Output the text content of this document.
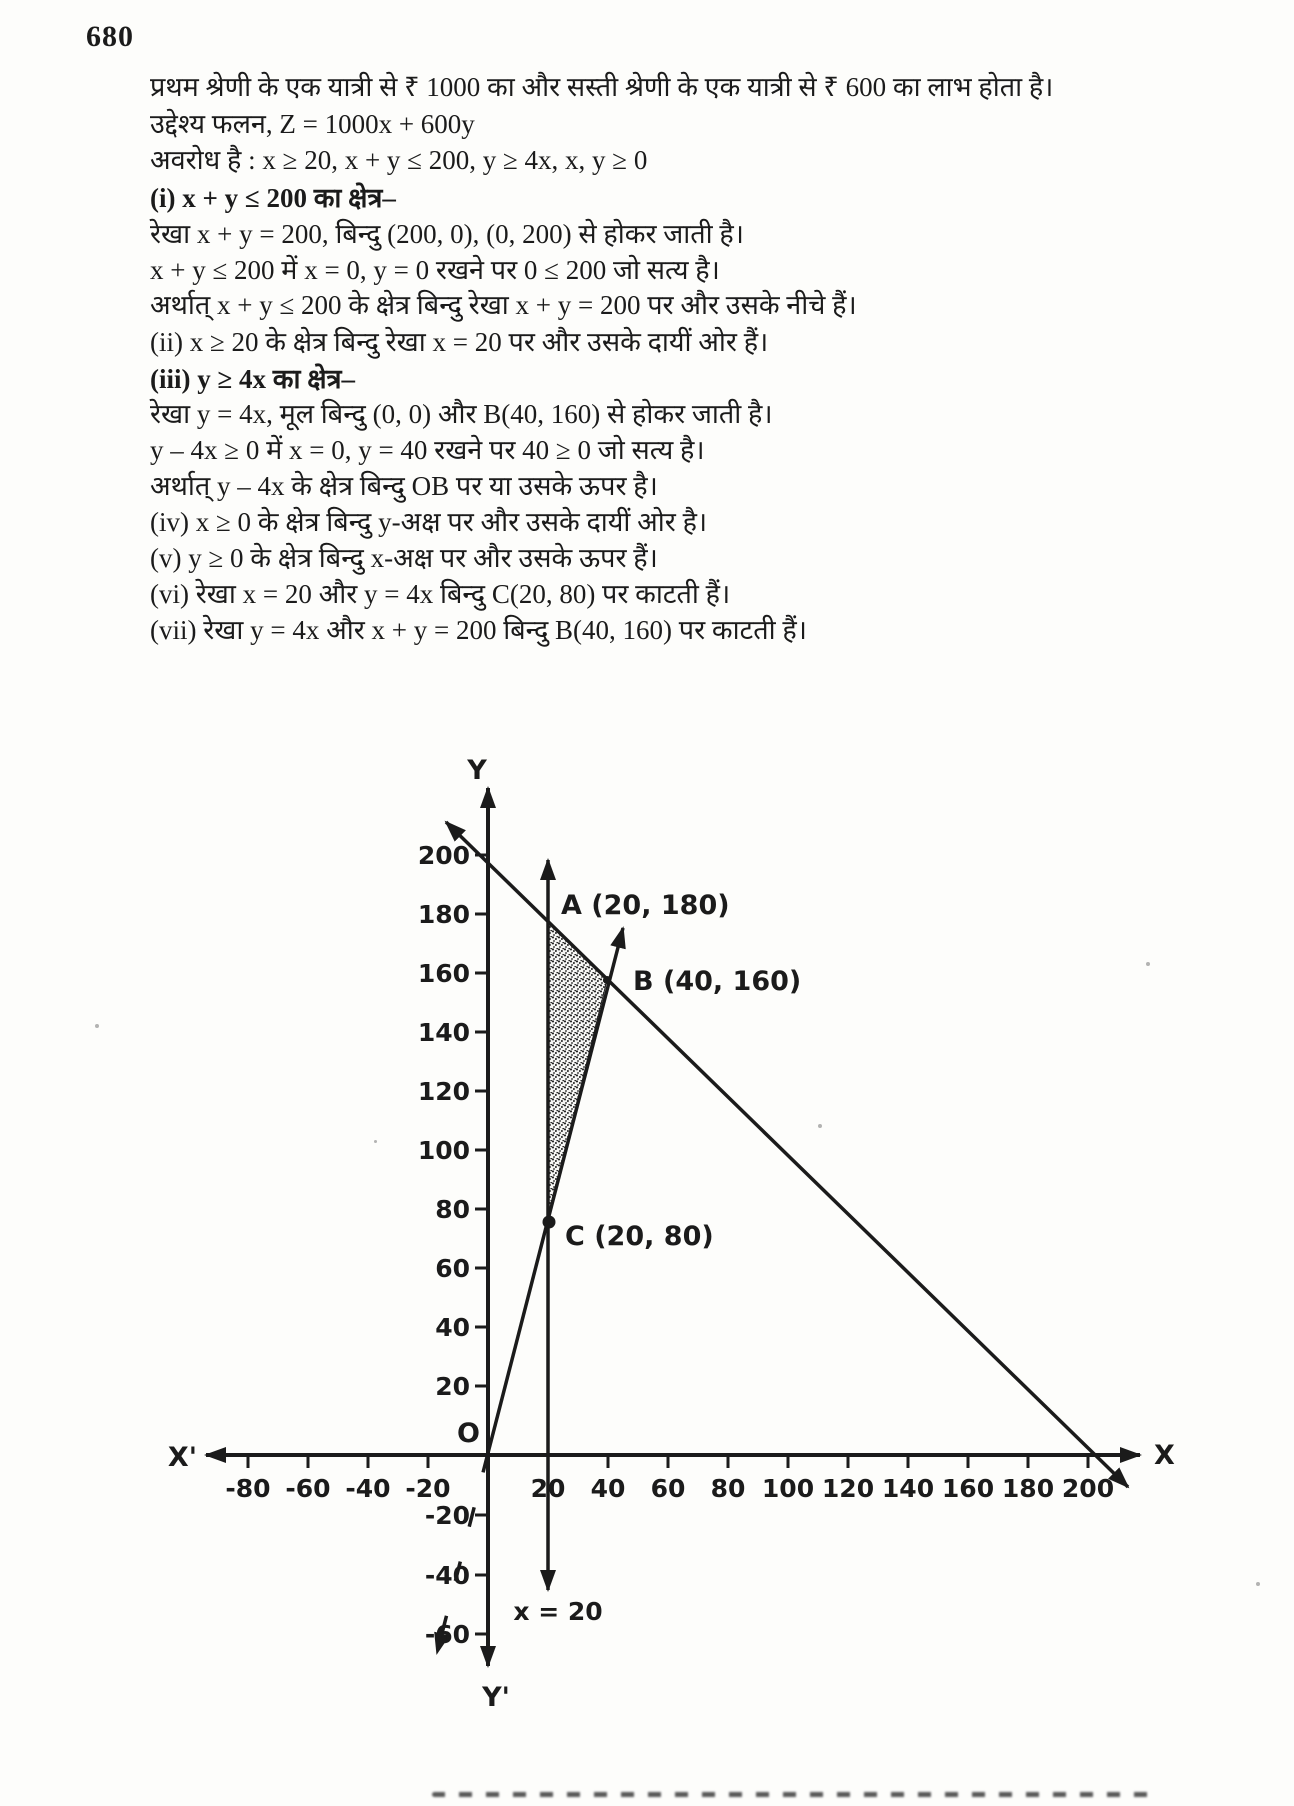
680
प्रथम श्रेणी के एक यात्री से ₹ 1000 का और सस्ती श्रेणी के एक यात्री से ₹ 600 का लाभ होता है।
उद्देश्य फलन, Z = 1000x + 600y
अवरोध है : x ≥ 20, x + y ≤ 200, y ≥ 4x, x, y ≥ 0
(i) x + y ≤ 200 का क्षेत्र–
रेखा x + y = 200, बिन्दु (200, 0), (0, 200) से होकर जाती है।
x + y ≤ 200 में x = 0, y = 0 रखने पर 0 ≤ 200 जो सत्य है।
अर्थात् x + y ≤ 200 के क्षेत्र बिन्दु रेखा x + y = 200 पर और उसके नीचे हैं।
(ii) x ≥ 20 के क्षेत्र बिन्दु रेखा x = 20 पर और उसके दायीं ओर हैं।
(iii) y ≥ 4x का क्षेत्र–
रेखा y = 4x, मूल बिन्दु (0, 0) और B(40, 160) से होकर जाती है।
y – 4x ≥ 0 में x = 0, y = 40 रखने पर 40 ≥ 0 जो सत्य है।
अर्थात् y – 4x के क्षेत्र बिन्दु OB पर या उसके ऊपर है।
(iv) x ≥ 0 के क्षेत्र बिन्दु y-अक्ष पर और उसके दायीं ओर है।
(v) y ≥ 0 के क्षेत्र बिन्दु x-अक्ष पर और उसके ऊपर हैं।
(vi) रेखा x = 20 और y = 4x बिन्दु C(20, 80) पर काटती हैं।
(vii) रेखा y = 4x और x + y = 200 बिन्दु B(40, 160) पर काटती हैं।
-80 -60 -40 -20	20 40 60 80 100 120 140 160 180 200
200
180
160
140
120
100
80
60
40
20
-20
-40
-60
Y
Y'
X
X'
O
A (20, 180)
B (40, 160)
C (20, 80)
x = 20
